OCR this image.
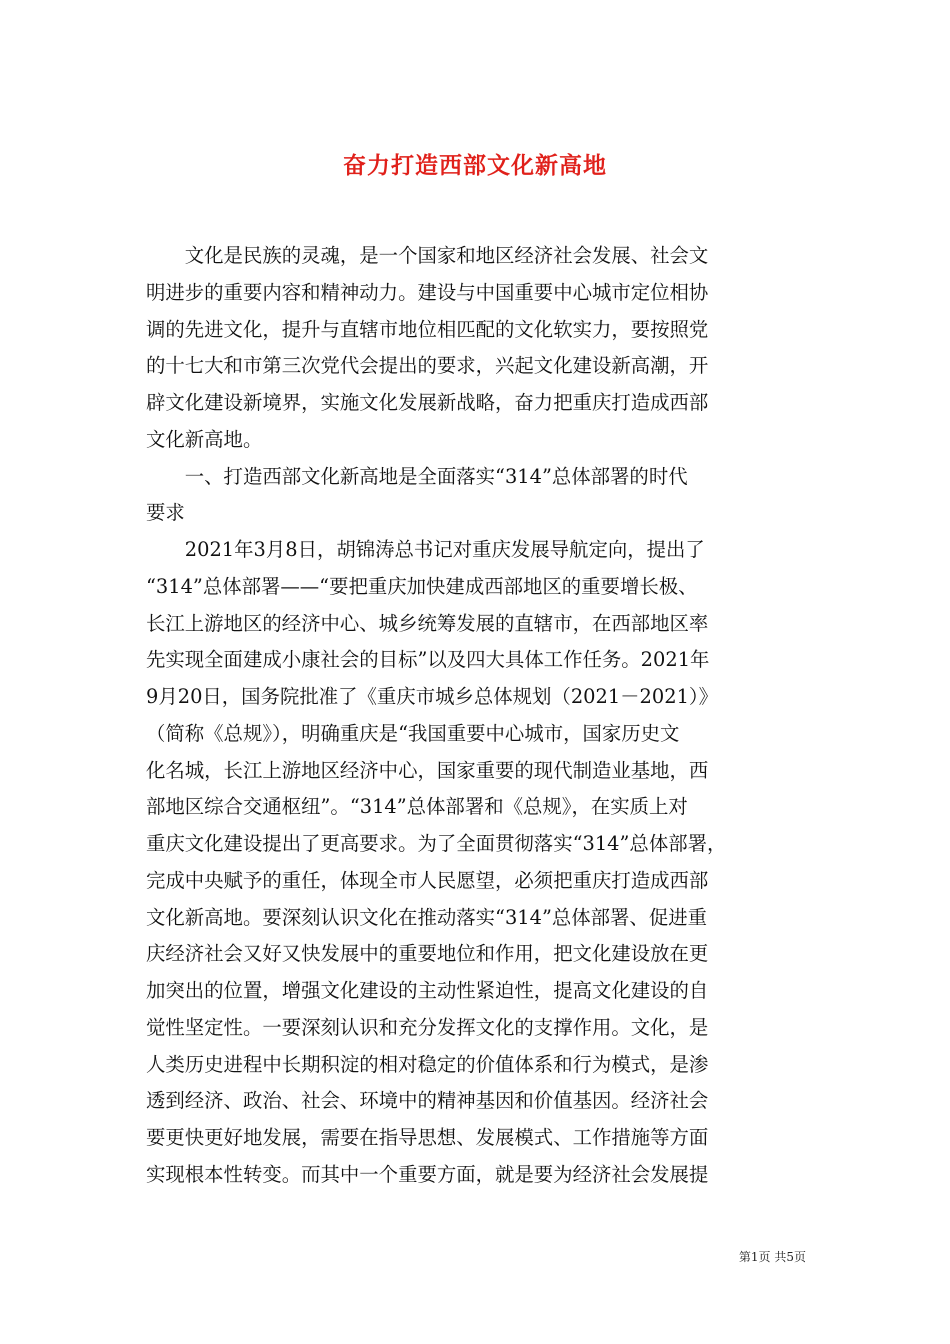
奋力打造西部文化新高地
　　文化是民族的灵魂，是一个国家和地区经济社会发展、社会文
明进步的重要内容和精神动力。建设与中国重要中心城市定位相协
调的先进文化，提升与直辖市地位相匹配的文化软实力，要按照党
的十七大和市第三次党代会提出的要求，兴起文化建设新高潮，开
辟文化建设新境界，实施文化发展新战略，奋力把重庆打造成西部
文化新高地。
　　一、打造西部文化新高地是全面落实“314”总体部署的时代
要求
　　2021年3月8日，胡锦涛总书记对重庆发展导航定向，提出了
“314”总体部署——“要把重庆加快建成西部地区的重要增长极、
长江上游地区的经济中心、城乡统筹发展的直辖市，在西部地区率
先实现全面建成小康社会的目标”以及四大具体工作任务。2021年
9月20日，国务院批准了《重庆市城乡总体规划（2021－2021）》
（简称《总规》），明确重庆是“我国重要中心城市，国家历史文
化名城，长江上游地区经济中心，国家重要的现代制造业基地，西
部地区综合交通枢纽”。“314”总体部署和《总规》，在实质上对
重庆文化建设提出了更高要求。为了全面贯彻落实“314”总体部署，
完成中央赋予的重任，体现全市人民愿望，必须把重庆打造成西部
文化新高地。要深刻认识文化在推动落实“314”总体部署、促进重
庆经济社会又好又快发展中的重要地位和作用，把文化建设放在更
加突出的位置，增强文化建设的主动性紧迫性，提高文化建设的自
觉性坚定性。一要深刻认识和充分发挥文化的支撑作用。文化，是
人类历史进程中长期积淀的相对稳定的价值体系和行为模式，是渗
透到经济、政治、社会、环境中的精神基因和价值基因。经济社会
要更快更好地发展，需要在指导思想、发展模式、工作措施等方面
实现根本性转变。而其中一个重要方面，就是要为经济社会发展提
第1页 共5页
